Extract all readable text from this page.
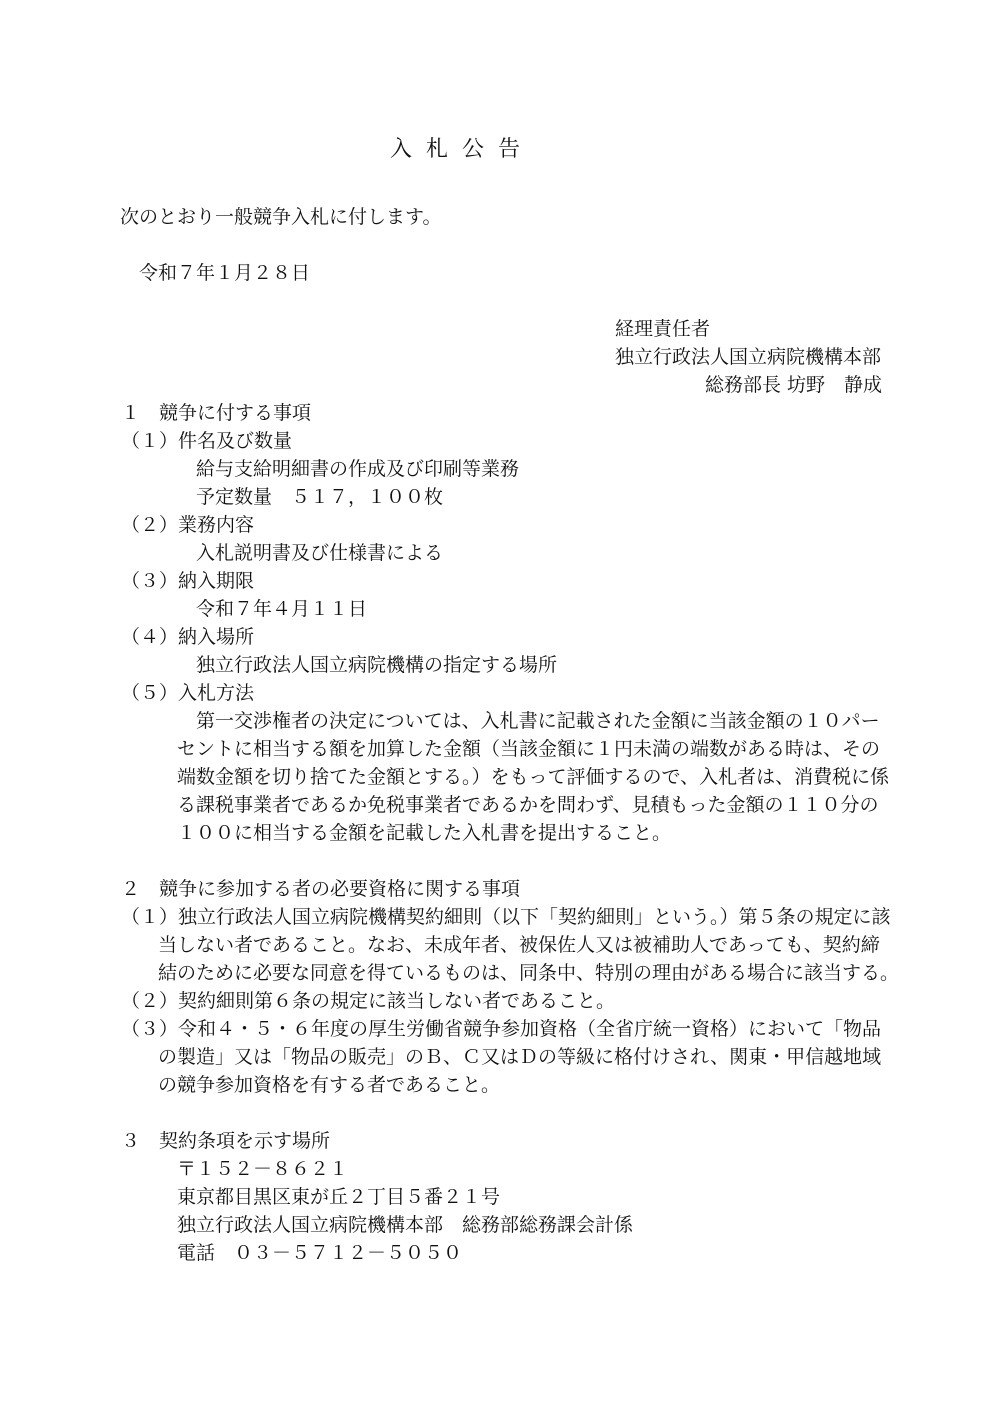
入札公告
次のとおり一般競争入札に付します。
令和７年１月２８日
経理責任者
独立行政法人国立病院機構本部
総務部長 坊野　静成
１　競争に付する事項
（１）件名及び数量
給与支給明細書の作成及び印刷等業務
予定数量　５１７，１００枚
（２）業務内容
入札説明書及び仕様書による
（３）納入期限
令和７年４月１１日
（４）納入場所
独立行政法人国立病院機構の指定する場所
（５）入札方法
第一交渉権者の決定については、入札書に記載された金額に当該金額の１０パー
セントに相当する額を加算した金額（当該金額に１円未満の端数がある時は、その
端数金額を切り捨てた金額とする。）をもって評価するので、入札者は、消費税に係
る課税事業者であるか免税事業者であるかを問わず、見積もった金額の１１０分の
１００に相当する金額を記載した入札書を提出すること。
２　競争に参加する者の必要資格に関する事項
（１）独立行政法人国立病院機構契約細則（以下「契約細則」という。）第５条の規定に該
当しない者であること。なお、未成年者、被保佐人又は被補助人であっても、契約締
結のために必要な同意を得ているものは、同条中、特別の理由がある場合に該当する。
（２）契約細則第６条の規定に該当しない者であること。
（３）令和４・５・６年度の厚生労働省競争参加資格（全省庁統一資格）において「物品
の製造」又は「物品の販売」のＢ、Ｃ又はＤの等級に格付けされ、関東・甲信越地域
の競争参加資格を有する者であること。
３　契約条項を示す場所
〒１５２－８６２１
東京都目黒区東が丘２丁目５番２１号
独立行政法人国立病院機構本部　総務部総務課会計係
電話　０３－５７１２－５０５０
